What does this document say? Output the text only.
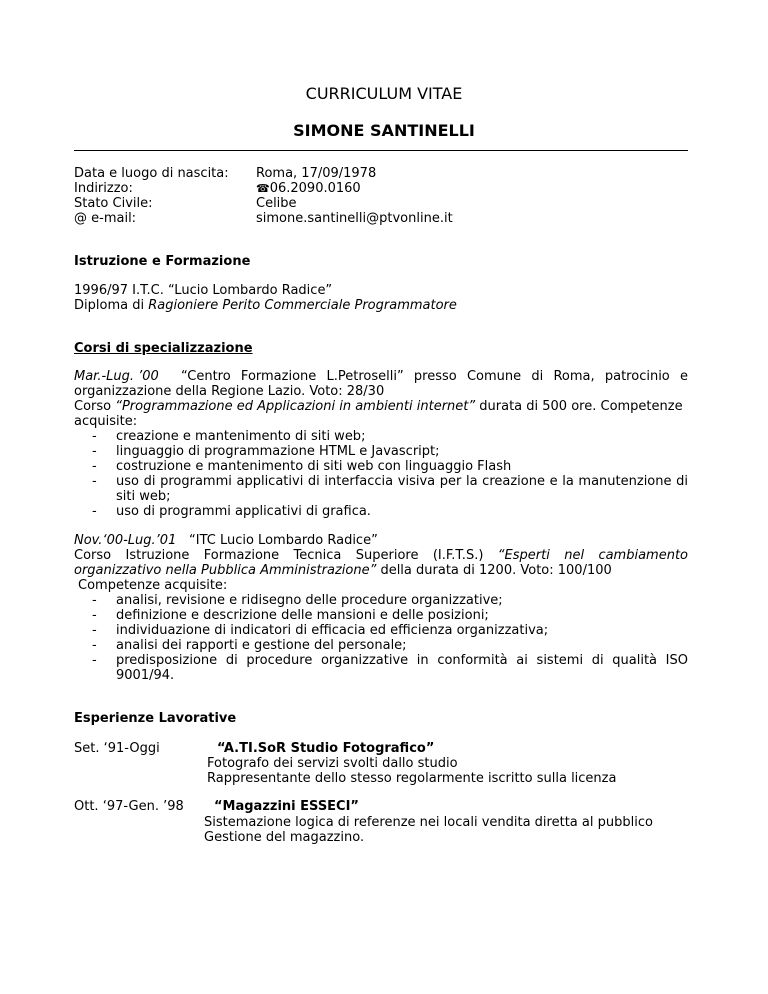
CURRICULUM VITAE
SIMONE SANTINELLI
Data e luogo di nascita:
Indirizzo:
Stato Civile:
@ e-mail:
Roma, 17/09/1978
☎06.2090.0160
Celibe
simone.santinelli@ptvonline.it
Istruzione e Formazione
1996/97 I.T.C. “Lucio Lombardo Radice”
Diploma di Ragioniere Perito Commerciale Programmatore
Corsi di specializzazione
Mar.-Lug. ’00 “Centro Formazione L.Petroselli” presso Comune di Roma, patrocinio e
organizzazione della Regione Lazio. Voto: 28/30
Corso “Programmazione ed Applicazioni in ambienti internet” durata di 500 ore. Competenze
acquisite:
- creazione e mantenimento di siti web;
- linguaggio di programmazione HTML e Javascript;
- costruzione e mantenimento di siti web con linguaggio Flash
- uso di programmi applicativi di interfaccia visiva per la creazione e la manutenzione di
siti web;
- uso di programmi applicativi di grafica.
Nov.‘00-Lug.’01 “ITC Lucio Lombardo Radice”
Corso Istruzione Formazione Tecnica Superiore (I.F.T.S.) “Esperti nel cambiamento
organizzativo nella Pubblica Amministrazione” della durata di 1200. Voto: 100/100
Competenze acquisite:
- analisi, revisione e ridisegno delle procedure organizzative;
- definizione e descrizione delle mansioni e delle posizioni;
- individuazione di indicatori di efficacia ed efficienza organizzativa;
- analisi dei rapporti e gestione del personale;
- predisposizione di procedure organizzative in conformità ai sistemi di qualità ISO
9001/94.
Esperienze Lavorative
Set. ‘91-Oggi	“A.TI.SoR Studio Fotografico”
Fotografo dei servizi svolti dallo studio
Rappresentante dello stesso regolarmente iscritto sulla licenza
Ott. ‘97-Gen. ’98 “Magazzini ESSECI”
Sistemazione logica di referenze nei locali vendita diretta al pubblico
Gestione del magazzino.
